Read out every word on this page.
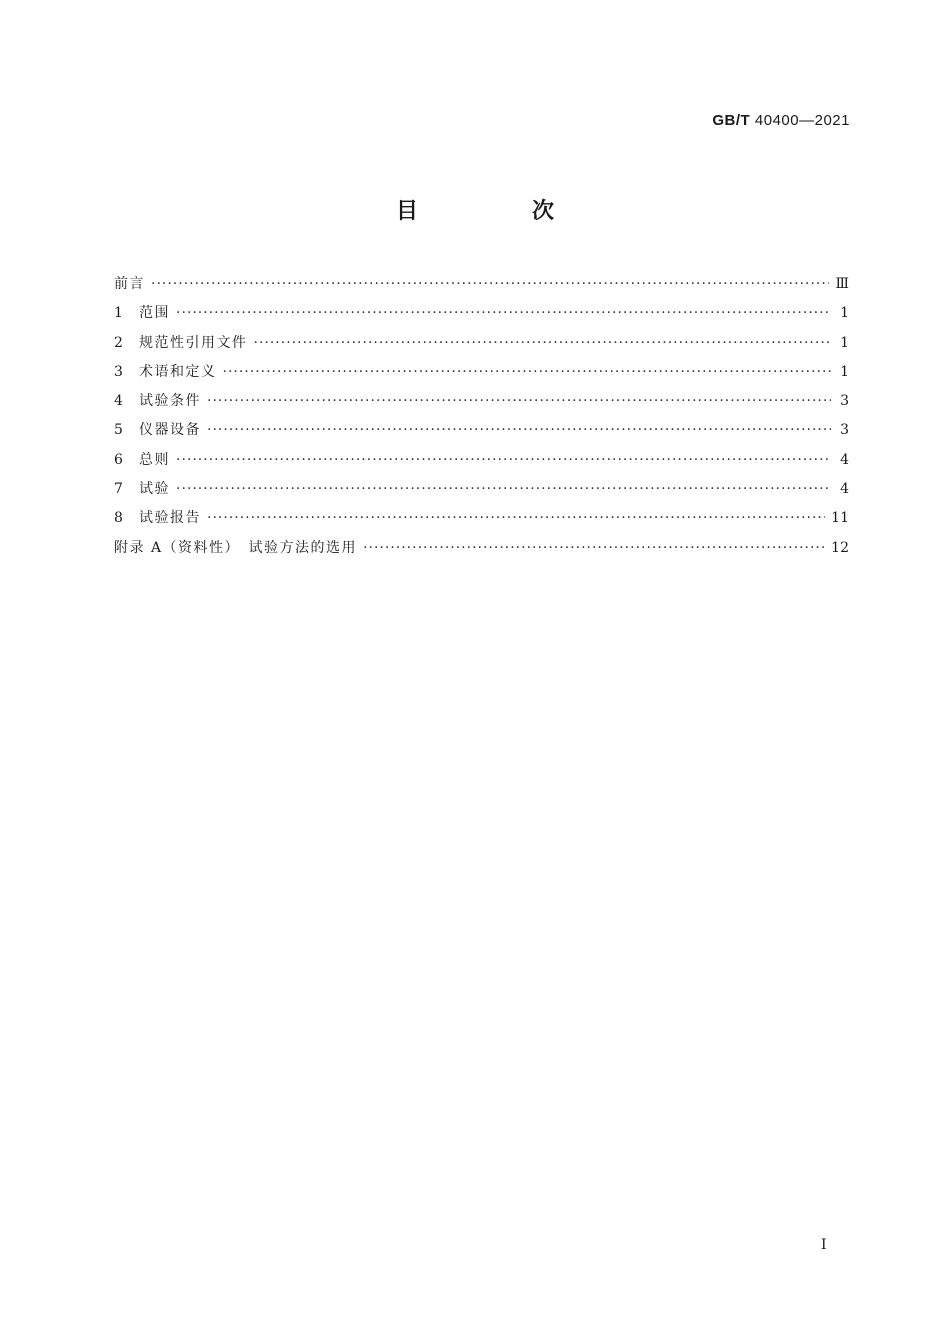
GB/T 40400—2021
目　次
前言 ·····	Ⅲ
1	范围 ·····	1
2	规范性引用文件 ·····	1
3	术语和定义 ·····	1
4	试验条件 ·····	3
5	仪器设备 ·····	3
6	总则 ·····	4
7	试验 ·····	4
8	试验报告 ·····	11
附录 A（资料性）　试验方法的选用 ·····	12
I
